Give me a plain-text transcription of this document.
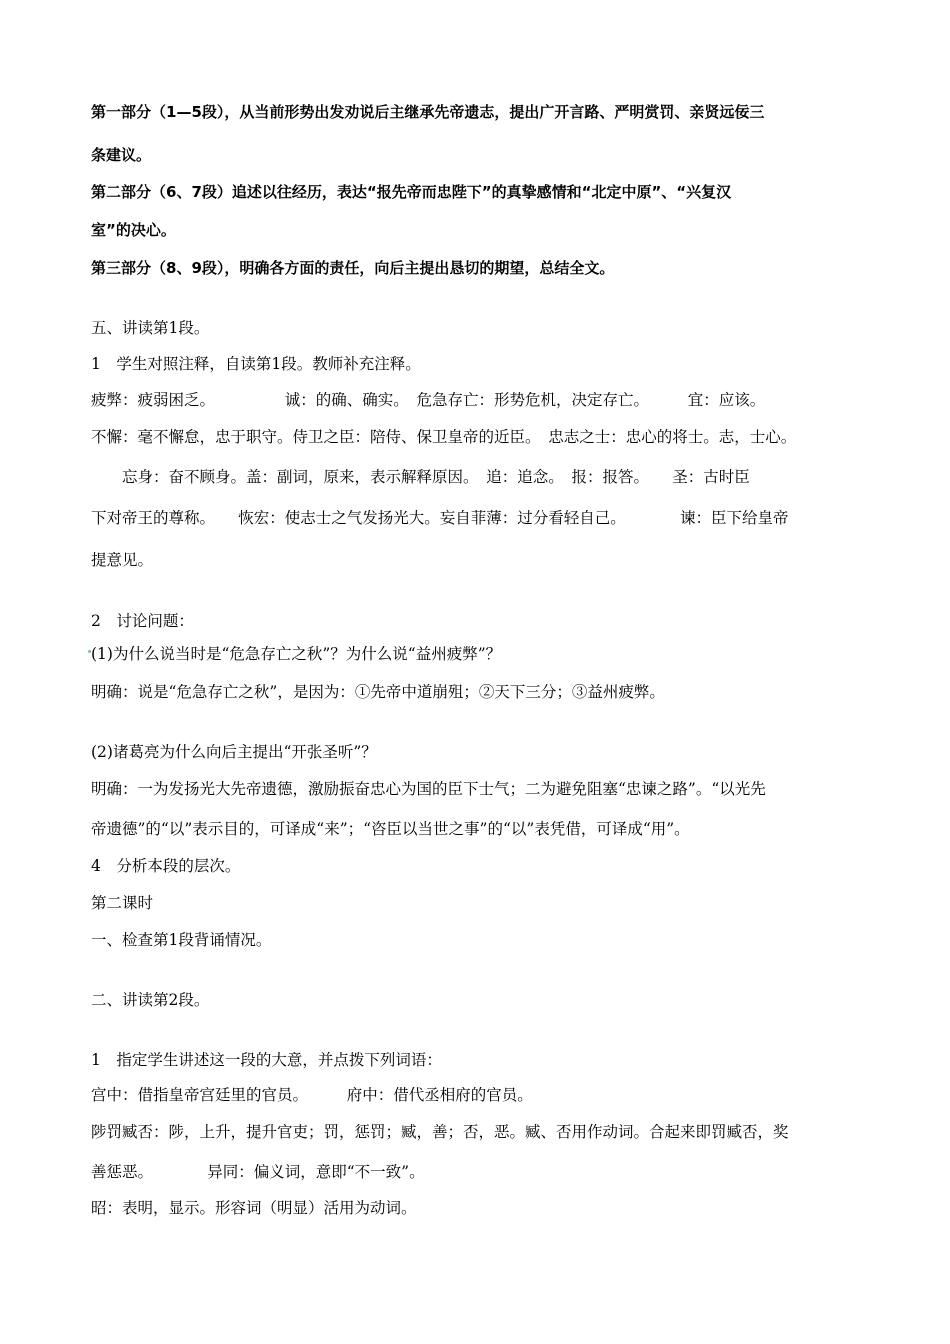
第一部分（1—5段），从当前形势出发劝说后主继承先帝遗志，提出广开言路、严明赏罚、亲贤远佞三

条建议。

第二部分（6、7段）追述以往经历，表达“报先帝而忠陛下”的真挚感情和“北定中原”、“兴复汉

室”的决心。

第三部分（8、9段），明确各方面的责任，向后主提出恳切的期望，总结全文。

五、讲读第1段。

1　学生对照注释，自读第1段。教师补充注释。

疲弊：疲弱困乏。　　　　　诚：的确、确实。　危急存亡：形势危机，决定存亡。　　　宜：应该。

不懈：毫不懈怠，忠于职守。侍卫之臣：陪侍、保卫皇帝的近臣。　忠志之士：忠心的将士。志，士心。

　　忘身：奋不顾身。盖：副词，原来，表示解释原因。　追：追念。　报：报答。　　圣：古时臣

下对帝王的尊称。　　恢宏：使志士之气发扬光大。妄自菲薄：过分看轻自己。　　　　谏：臣下给皇帝

提意见。

2　讨论问题：

(1)为什么说当时是“危急存亡之秋”？为什么说“益州疲弊”？

明确：说是“危急存亡之秋”，是因为：①先帝中道崩殂；②天下三分；③益州疲弊。

(2)诸葛亮为什么向后主提出“开张圣听”？

明确：一为发扬光大先帝遗德，激励振奋忠心为国的臣下士气；二为避免阻塞“忠谏之路”。“以光先

帝遗德”的“以”表示目的，可译成“来”；“咨臣以当世之事”的“以”表凭借，可译成“用”。

4　分析本段的层次。

第二课时

一、检查第1段背诵情况。

二、讲读第2段。

1　指定学生讲述这一段的大意，并点拨下列词语：

宫中：借指皇帝宫廷里的官员。　　　府中：借代丞相府的官员。

陟罚臧否：陟，上升，提升官吏；罚，惩罚；臧，善；否，恶。臧、否用作动词。合起来即罚臧否，奖

善惩恶。　　　　异同：偏义词，意即“不一致”。

昭：表明，显示。形容词（明显）活用为动词。
